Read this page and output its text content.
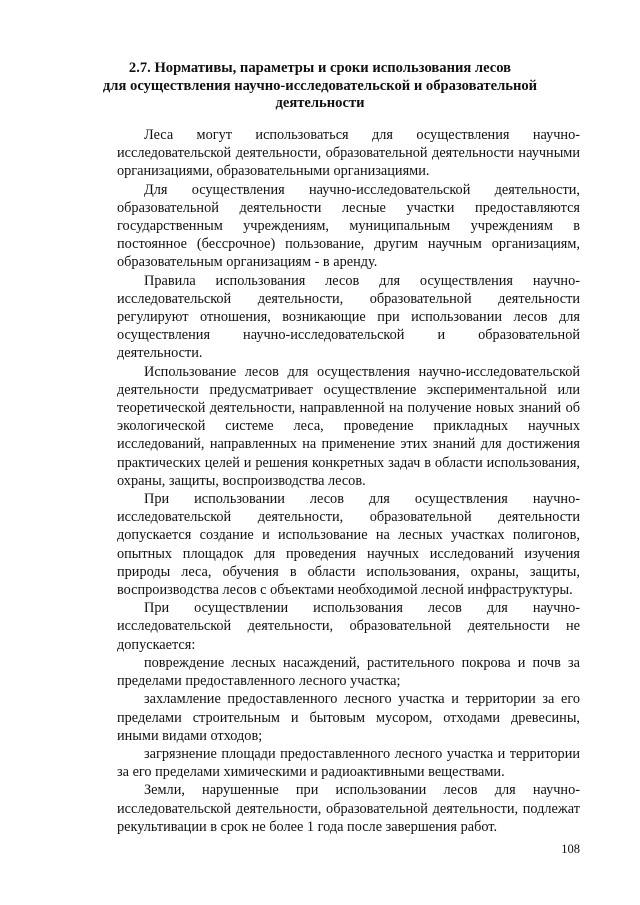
2.7. Нормативы, параметры и сроки использования лесов
для осуществления научно-исследовательской и образовательной
деятельности

Леса могут использоваться для осуществления научно-исследовательской деятельности, образовательной деятельности научными организациями, образовательными организациями.

Для осуществления научно-исследовательской деятельности, образовательной деятельности лесные участки предоставляются государственным учреждениям, муниципальным учреждениям в постоянное (бессрочное) пользование, другим научным организациям, образовательным организациям - в аренду.

Правила использования лесов для осуществления научно-исследовательской деятельности, образовательной деятельности регулируют отношения, возникающие при использовании лесов для осуществления научно-исследовательской и образовательной деятельности.

Использование лесов для осуществления научно-исследовательской деятельности предусматривает осуществление экспериментальной или теоретической деятельности, направленной на получение новых знаний об экологической системе леса, проведение прикладных научных исследований, направленных на применение этих знаний для достижения практических целей и решения конкретных задач в области использования, охраны, защиты, воспроизводства лесов.

При использовании лесов для осуществления научно-исследовательской деятельности, образовательной деятельности допускается создание и использование на лесных участках полигонов, опытных площадок для проведения научных исследований изучения природы леса, обучения в области использования, охраны, защиты, воспроизводства лесов с объектами необходимой лесной инфраструктуры.

При осуществлении использования лесов для научно-исследовательской деятельности, образовательной деятельности не допускается:

повреждение лесных насаждений, растительного покрова и почв за пределами предоставленного лесного участка;

захламление предоставленного лесного участка и территории за его пределами строительным и бытовым мусором, отходами древесины, иными видами отходов;

загрязнение площади предоставленного лесного участка и территории за его пределами химическими и радиоактивными веществами.

Земли, нарушенные при использовании лесов для научно-исследовательской деятельности, образовательной деятельности, подлежат рекультивации в срок не более 1 года после завершения работ.

108
